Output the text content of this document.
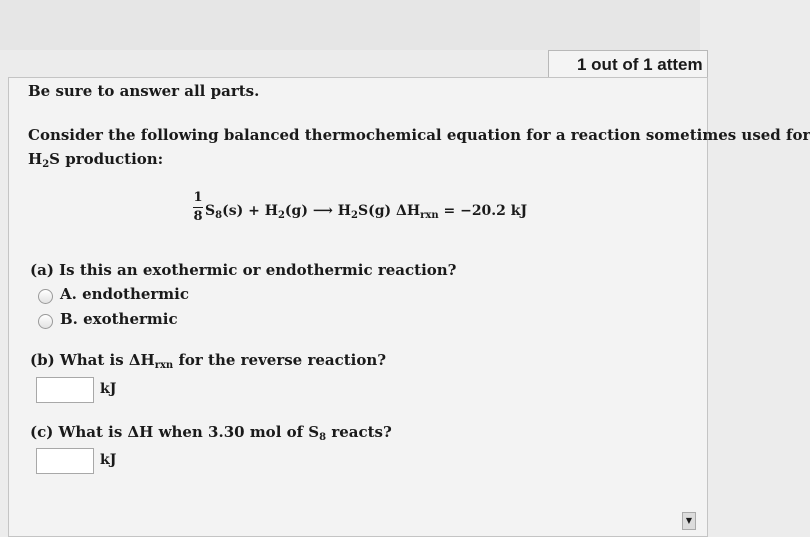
1 out of 1 attem
Be sure to answer all parts.
Consider the following balanced thermochemical equation for a reaction sometimes used for
$H_2S$ production:
1
8 $S_8(s) + H_2(g)$ ⟶ $H_2S(g) \Delta H_{rxn} = -20.2$ kJ
(a) Is this an exothermic or endothermic reaction?
A. endothermic
B. exothermic
(b) What is $\Delta H_{rxn}$ for the reverse reaction?
kJ
(c) What is ΔH when 3.30 mol of $S_8$ reacts?
kJ
▼
